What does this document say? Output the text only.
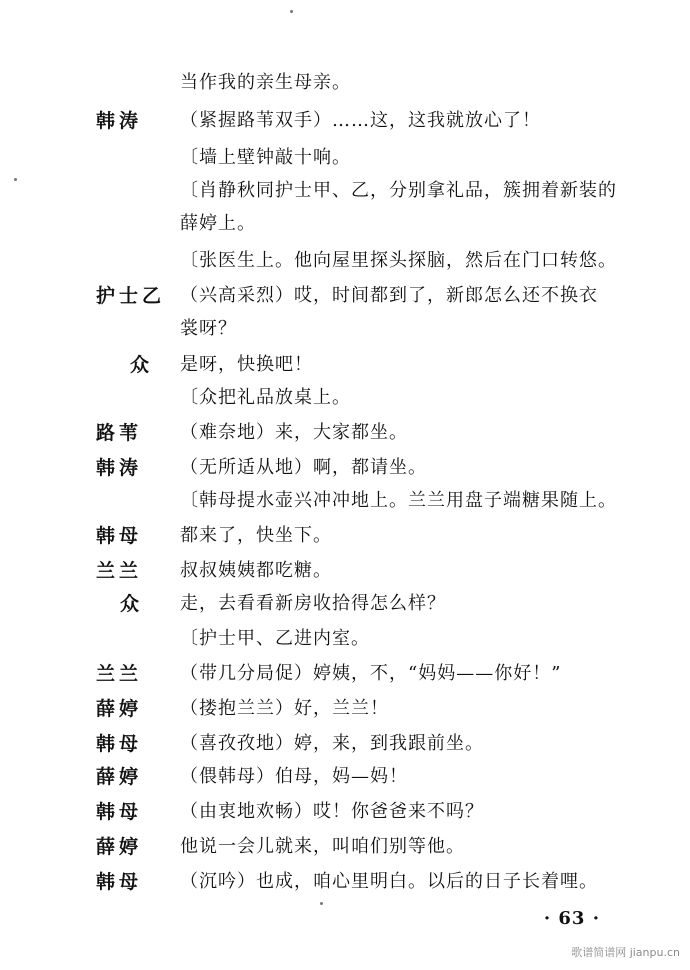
当作我的亲生母亲。
韩涛	（紧握路苇双手）……这，这我就放心了！
〔墙上壁钟敲十响。
〔肖静秋同护士甲、乙，分别拿礼品，簇拥着新装的
薛婷上。
〔张医生上。他向屋里探头探脑，然后在门口转悠。
护士乙 （兴高采烈）哎，时间都到了，新郎怎么还不换衣
裳呀？
众	是呀，快换吧！
〔众把礼品放桌上。
路苇	（难奈地）来，大家都坐。
韩涛	（无所适从地）啊，都请坐。
〔韩母提水壶兴冲冲地上。兰兰用盘子端糖果随上。
韩母	都来了，快坐下。
兰兰	叔叔姨姨都吃糖。
众	走，去看看新房收拾得怎么样？
〔护士甲、乙进内室。
兰兰	（带几分局促）婷姨，不，“妈妈——你好！”
薛婷	（搂抱兰兰）好，兰兰！
韩母	（喜孜孜地）婷，来，到我跟前坐。
薛婷	（偎韩母）伯母，妈—妈！
韩母	（由衷地欢畅）哎！你爸爸来不吗？
薛婷	他说一会儿就来，叫咱们别等他。
韩母	（沉吟）也成，咱心里明白。以后的日子长着哩。
· 63 ·
歌谱简谱网 jianpu.cn
